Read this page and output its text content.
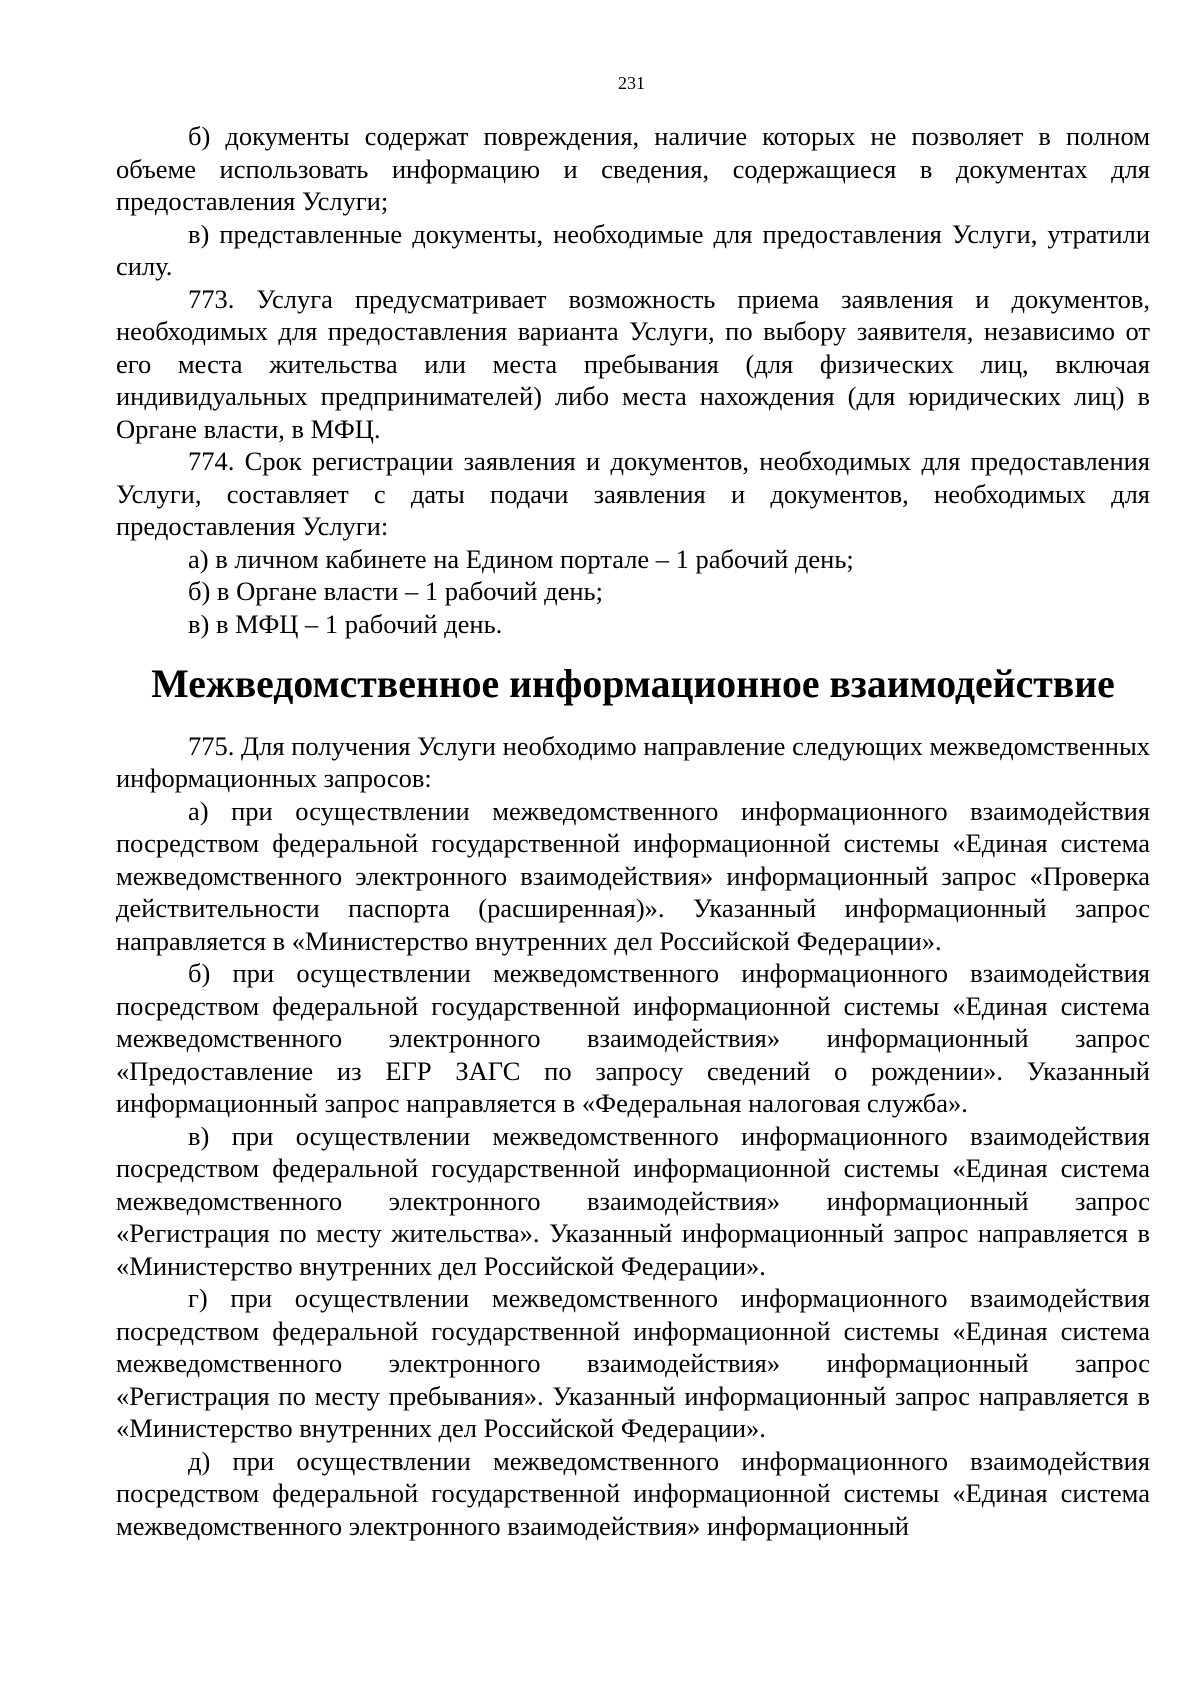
231

б) документы содержат повреждения, наличие которых не позволяет в полном объеме использовать информацию и сведения, содержащиеся в документах для предоставления Услуги;

в) представленные документы, необходимые для предоставления Услуги, утратили силу.

773. Услуга предусматривает возможность приема заявления и документов, необходимых для предоставления варианта Услуги, по выбору заявителя, независимо от его места жительства или места пребывания (для физических лиц, включая индивидуальных предпринимателей) либо места нахождения (для юридических лиц) в Органе власти, в МФЦ.

774. Срок регистрации заявления и документов, необходимых для предоставления Услуги, составляет с даты подачи заявления и документов, необходимых для предоставления Услуги:

а) в личном кабинете на Едином портале – 1 рабочий день;

б) в Органе власти – 1 рабочий день;

в) в МФЦ – 1 рабочий день.

Межведомственное информационное взаимодействие

775. Для получения Услуги необходимо направление следующих межведомственных информационных запросов:

а) при осуществлении межведомственного информационного взаимодействия посредством федеральной государственной информационной системы «Единая система межведомственного электронного взаимодействия» информационный запрос «Проверка действительности паспорта (расширенная)». Указанный информационный запрос направляется в «Министерство внутренних дел Российской Федерации».

б) при осуществлении межведомственного информационного взаимодействия посредством федеральной государственной информационной системы «Единая система межведомственного электронного взаимодействия» информационный запрос «Предоставление из ЕГР ЗАГС по запросу сведений о рождении». Указанный информационный запрос направляется в «Федеральная налоговая служба».

в) при осуществлении межведомственного информационного взаимодействия посредством федеральной государственной информационной системы «Единая система межведомственного электронного взаимодействия» информационный запрос «Регистрация по месту жительства». Указанный информационный запрос направляется в «Министерство внутренних дел Российской Федерации».

г) при осуществлении межведомственного информационного взаимодействия посредством федеральной государственной информационной системы «Единая система межведомственного электронного взаимодействия» информационный запрос «Регистрация по месту пребывания». Указанный информационный запрос направляется в «Министерство внутренних дел Российской Федерации».

д) при осуществлении межведомственного информационного взаимодействия посредством федеральной государственной информационной системы «Единая система межведомственного электронного взаимодействия» информационный
